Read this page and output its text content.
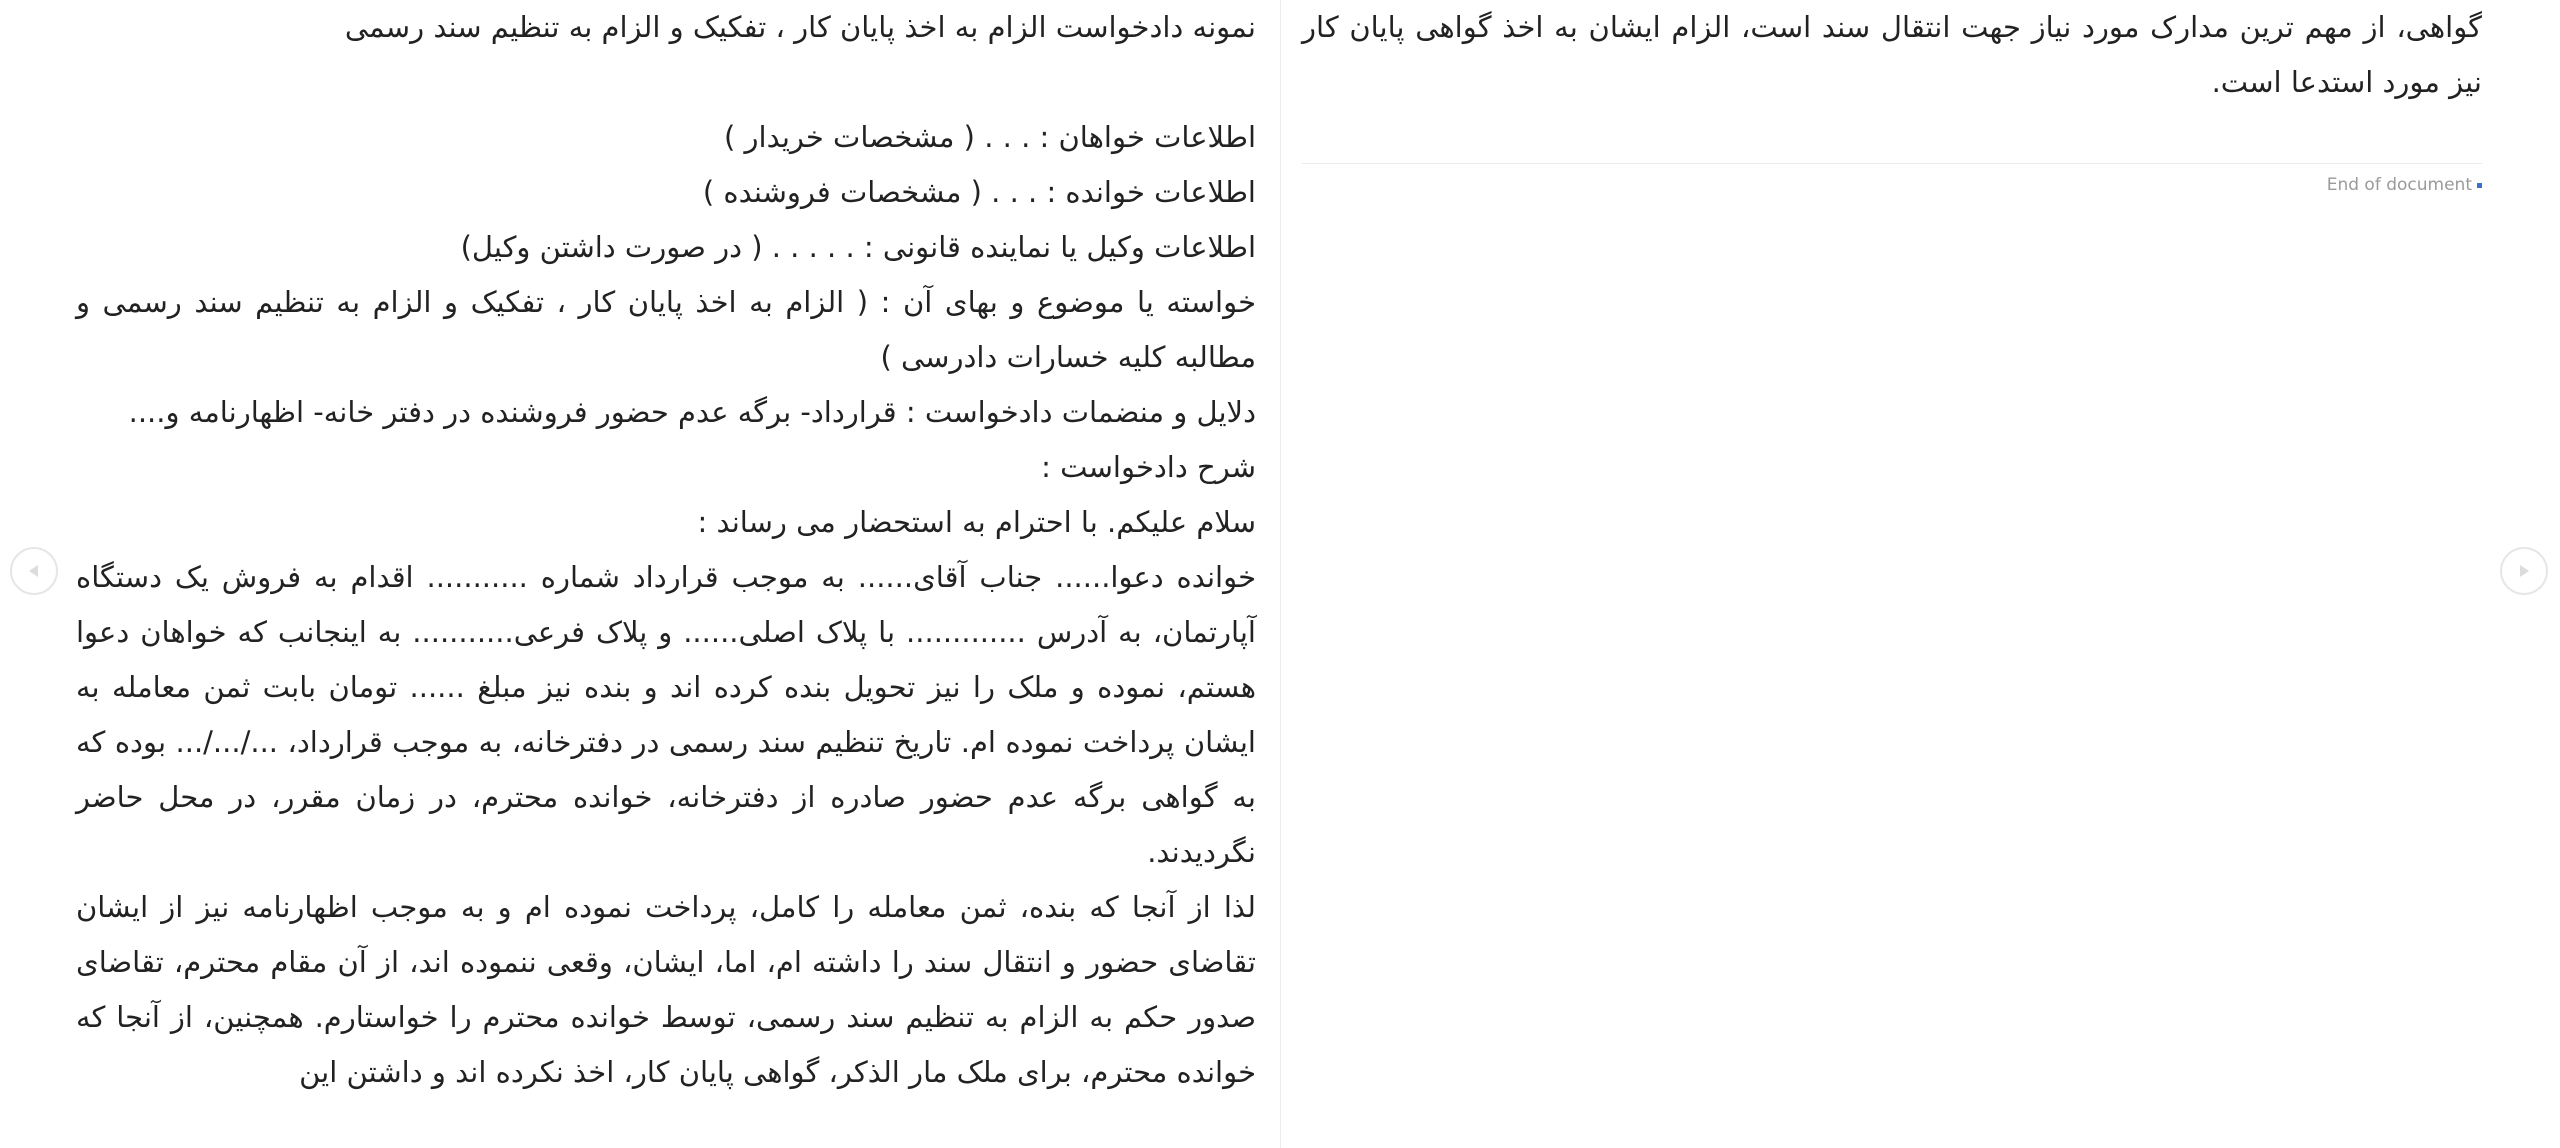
نمونه دادخواست الزام به اخذ پایان کار ، تفکیک و الزام به تنظیم سند رسمی

اطلاعات خواهان : . . . ( مشخصات خریدار )

اطلاعات خوانده : . . . ( مشخصات فروشنده )

اطلاعات وکیل یا نماینده قانونی : . . . . . ( در صورت داشتن وکیل)

خواسته یا موضوع و بهای آن : ( الزام به اخذ پایان کار ، تفکیک و الزام به تنظیم سند رسمی و مطالبه کلیه خسارات دادرسی )

دلایل و منضمات دادخواست : قرارداد- برگه عدم حضور فروشنده در دفتر خانه- اظهارنامه و....

شرح دادخواست :

سلام علیکم. با احترام به استحضار می رساند :

خوانده دعوا...... جناب آقای...... به موجب قرارداد شماره ........... اقدام به فروش یک دستگاه آپارتمان، به آدرس ............. با پلاک اصلی...... و پلاک فرعی........... به اینجانب که خواهان دعوا هستم، نموده و ملک را نیز تحویل بنده کرده اند و بنده نیز مبلغ ...... تومان بابت ثمن معامله به ایشان پرداخت نموده ام. تاریخ تنظیم سند رسمی در دفترخانه، به موجب قرارداد، .../.../... بوده که به گواهی برگه عدم حضور صادره از دفترخانه، خوانده محترم، در زمان مقرر، در محل حاضر نگردیدند.

لذا از آنجا که بنده، ثمن معامله را کامل، پرداخت نموده ام و به موجب اظهارنامه نیز از ایشان تقاضای حضور و انتقال سند را داشته ام، اما، ایشان، وقعی ننموده اند، از آن مقام محترم، تقاضای صدور حکم به الزام به تنظیم سند رسمی، توسط خوانده محترم را خواستارم. همچنین، از آنجا که خوانده محترم، برای ملک مار الذکر، گواهی پایان کار، اخذ نکرده اند و داشتن این

گواهی، از مهم ترین مدارک مورد نیاز جهت انتقال سند است، الزام ایشان به اخذ گواهی پایان کار نیز مورد استدعا است.

End of document
